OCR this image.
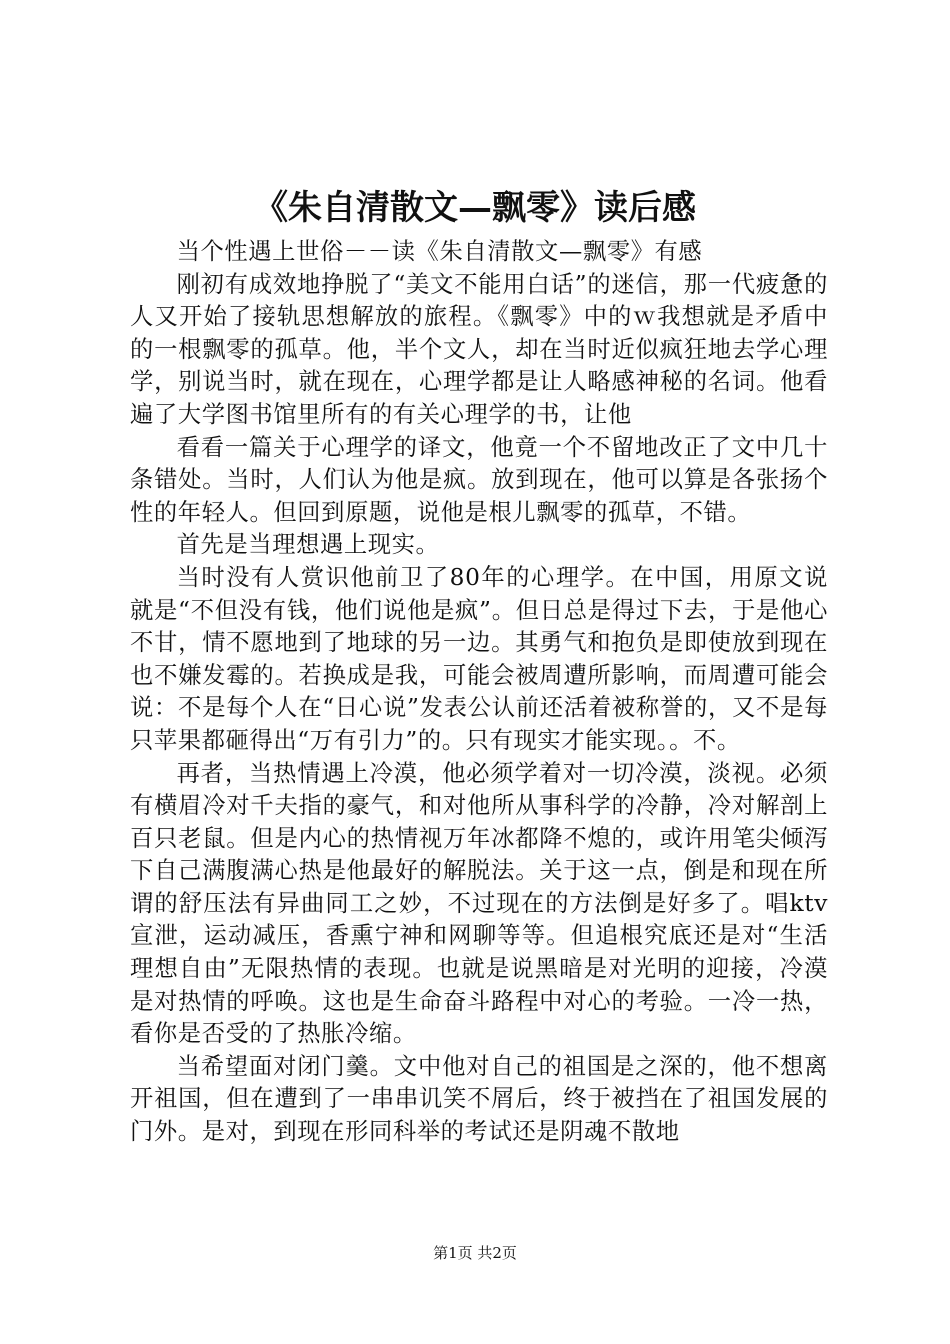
《朱自清散文—飘零》读后感

当个性遇上世俗－－读《朱自清散文—飘零》有感

刚初有成效地挣脱了“美文不能用白话”的迷信，那一代疲惫的人又开始了接轨思想解放的旅程。《飘零》中的ｗ我想就是矛盾中的一根飘零的孤草。他，半个文人，却在当时近似疯狂地去学心理学，别说当时，就在现在，心理学都是让人略感神秘的名词。他看遍了大学图书馆里所有的有关心理学的书，让他

看看一篇关于心理学的译文，他竟一个不留地改正了文中几十条错处。当时，人们认为他是疯。放到现在，他可以算是各张扬个性的年轻人。但回到原题，说他是根儿飘零的孤草，不错。

首先是当理想遇上现实。

当时没有人赏识他前卫了80年的心理学。在中国，用原文说就是“不但没有钱，他们说他是疯”。但日总是得过下去，于是他心不甘，情不愿地到了地球的另一边。其勇气和抱负是即使放到现在也不嫌发霉的。若换成是我，可能会被周遭所影响，而周遭可能会说：不是每个人在“日心说”发表公认前还活着被称誉的，又不是每只苹果都砸得出“万有引力”的。只有现实才能实现。。不。

再者，当热情遇上冷漠，他必须学着对一切冷漠，淡视。必须有横眉冷对千夫指的豪气，和对他所从事科学的冷静，冷对解剖上百只老鼠。但是内心的热情视万年冰都降不熄的，或许用笔尖倾泻下自己满腹满心热是他最好的解脱法。关于这一点，倒是和现在所谓的舒压法有异曲同工之妙，不过现在的方法倒是好多了。唱ktv宣泄，运动减压，香熏宁神和网聊等等。但追根究底还是对“生活理想自由”无限热情的表现。也就是说黑暗是对光明的迎接，冷漠是对热情的呼唤。这也是生命奋斗路程中对心的考验。一冷一热，看你是否受的了热胀冷缩。

当希望面对闭门羹。文中他对自己的祖国是之深的，他不想离开祖国，但在遭到了一串串讥笑不屑后，终于被挡在了祖国发展的门外。是对，到现在形同科举的考试还是阴魂不散地

第1页 共2页
